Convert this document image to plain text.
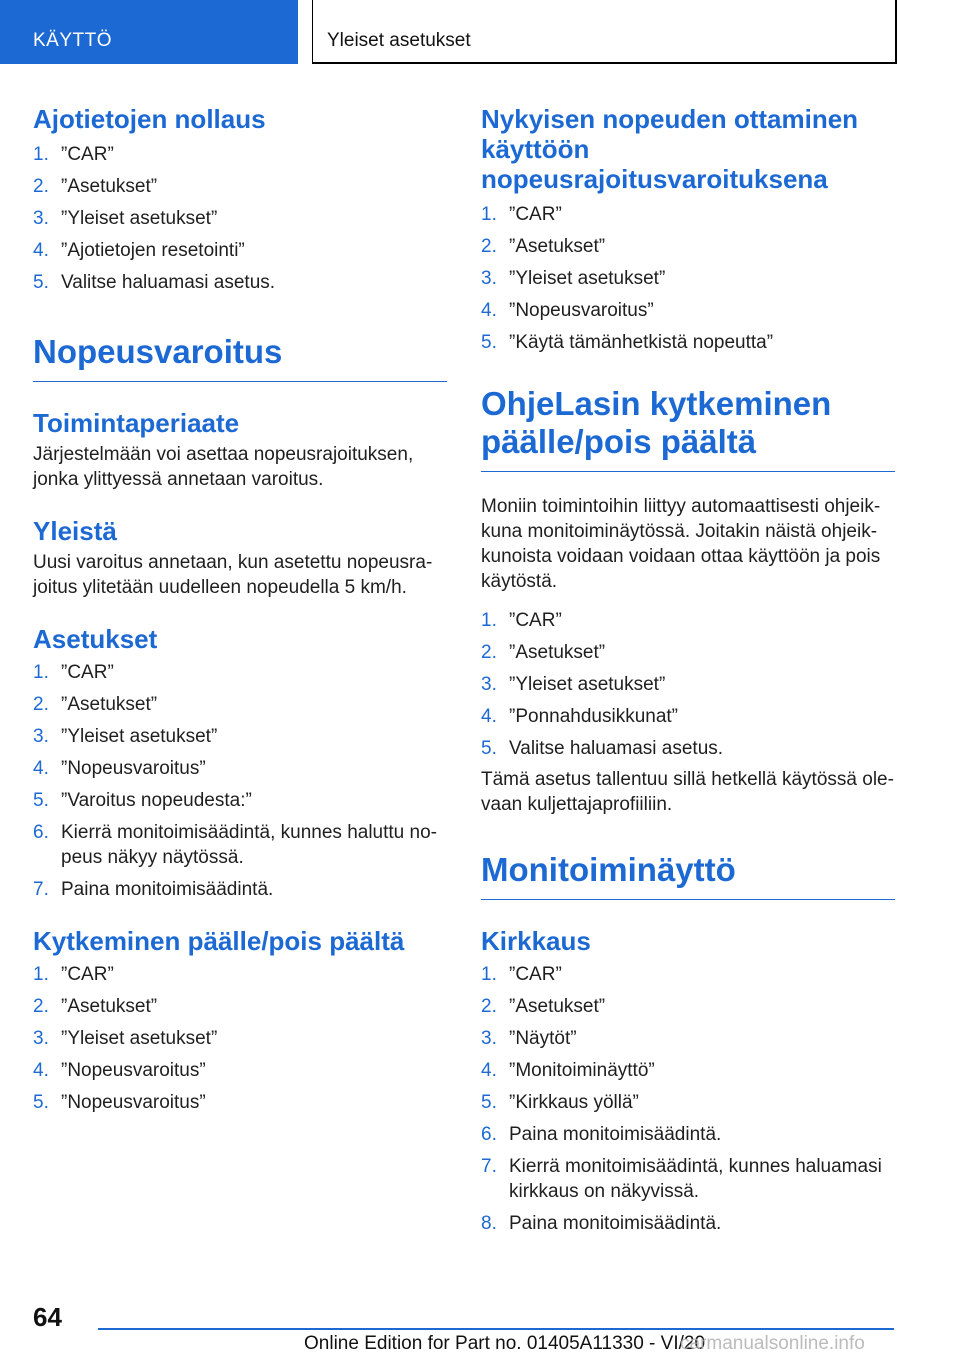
KÄYTTÖ	Yleiset asetukset
Ajotietojen nollaus
1. ”CAR”
2. ”Asetukset”
3. ”Yleiset asetukset”
4. ”Ajotietojen resetointi”
5. Valitse haluamasi asetus.
Nopeusvaroitus
Toimintaperiaate

Järjestelmään voi asettaa nopeusrajoituksen, jonka ylittyessä annetaan varoitus.

Yleistä

Uusi varoitus annetaan, kun asetettu nopeusrajoitus ylitetään uudelleen nopeudella 5 km/h.

Asetukset
1. ”CAR”
2. ”Asetukset”
3. ”Yleiset asetukset”
4. ”Nopeusvaroitus”
5. ”Varoitus nopeudesta:”
6. Kierrä monitoimisäädintä, kunnes haluttu nopeus näkyy näytössä.
7. Paina monitoimisäädintä.
Kytkeminen päälle/pois päältä
1. ”CAR”
2. ”Asetukset”
3. ”Yleiset asetukset”
4. ”Nopeusvaroitus”
5. ”Nopeusvaroitus”
Nykyisen nopeuden ottaminen käyttöön nopeusrajoitusvaroituksena
1. ”CAR”
2. ”Asetukset”
3. ”Yleiset asetukset”
4. ”Nopeusvaroitus”
5. ”Käytä tämänhetkistä nopeutta”
OhjeLasin kytkeminen päälle/pois päältä

Moniin toimintoihin liittyy automaattisesti ohjeikkuna monitoiminäytössä. Joitakin näistä ohjeikkunoista voidaan voidaan ottaa käyttöön ja pois käytöstä.

1. ”CAR”
2. ”Asetukset”
3. ”Yleiset asetukset”
4. ”Ponnahdusikkunat”
5. Valitse haluamasi asetus.

Tämä asetus tallentuu sillä hetkellä käytössä olevaan kuljettajaprofiiliin.

Monitoiminäyttö
Kirkkaus
1. ”CAR”
2. ”Asetukset”
3. ”Näytöt”
4. ”Monitoiminäyttö”
5. ”Kirkkaus yöllä”
6. Paina monitoimisäädintä.
7. Kierrä monitoimisäädintä, kunnes haluamasi kirkkaus on näkyvissä.
8. Paina monitoimisäädintä.
64
Online Edition for Part no. 01405A11330 - VI/20
carmanualsonline.info
